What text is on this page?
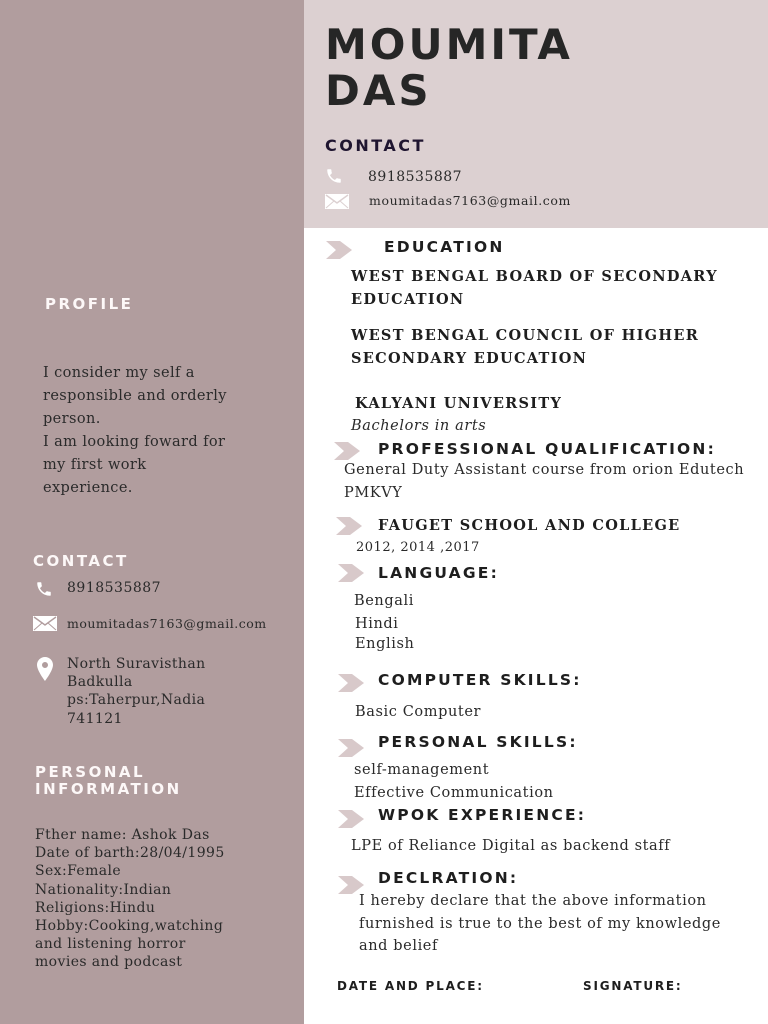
MOUMITA
DAS
CONTACT
8918535887
moumitadas7163@gmail.com
PROFILE
I consider my self a
responsible and orderly
person.
I am looking foward for
my first work
experience.
CONTACT
8918535887
moumitadas7163@gmail.com
North Suravisthan
Badkulla
ps:Taherpur,Nadia
741121
PERSONAL
INFORMATION
Fther name: Ashok Das
Date of barth:28/04/1995
Sex:Female
Nationality:Indian
Religions:Hindu
Hobby:Cooking,watching
and listening horror
movies and podcast
EDUCATION
WEST BENGAL BOARD OF SECONDARY
EDUCATION
WEST BENGAL COUNCIL OF HIGHER
SECONDARY EDUCATION
KALYANI UNIVERSITY
Bachelors in arts
PROFESSIONAL QUALIFICATION:
General Duty Assistant course from orion Edutech
PMKVY
FAUGET SCHOOL AND COLLEGE
2012, 2014 ,2017
LANGUAGE:
Bengali
Hindi
English
COMPUTER SKILLS:
Basic Computer
PERSONAL SKILLS:
self-management
Effective Communication
WPOK EXPERIENCE:
LPE of Reliance Digital as backend staff
DECLRATION:
I hereby declare that the above information
furnished is true to the best of my knowledge
and belief
DATE AND PLACE:	SIGNATURE:
